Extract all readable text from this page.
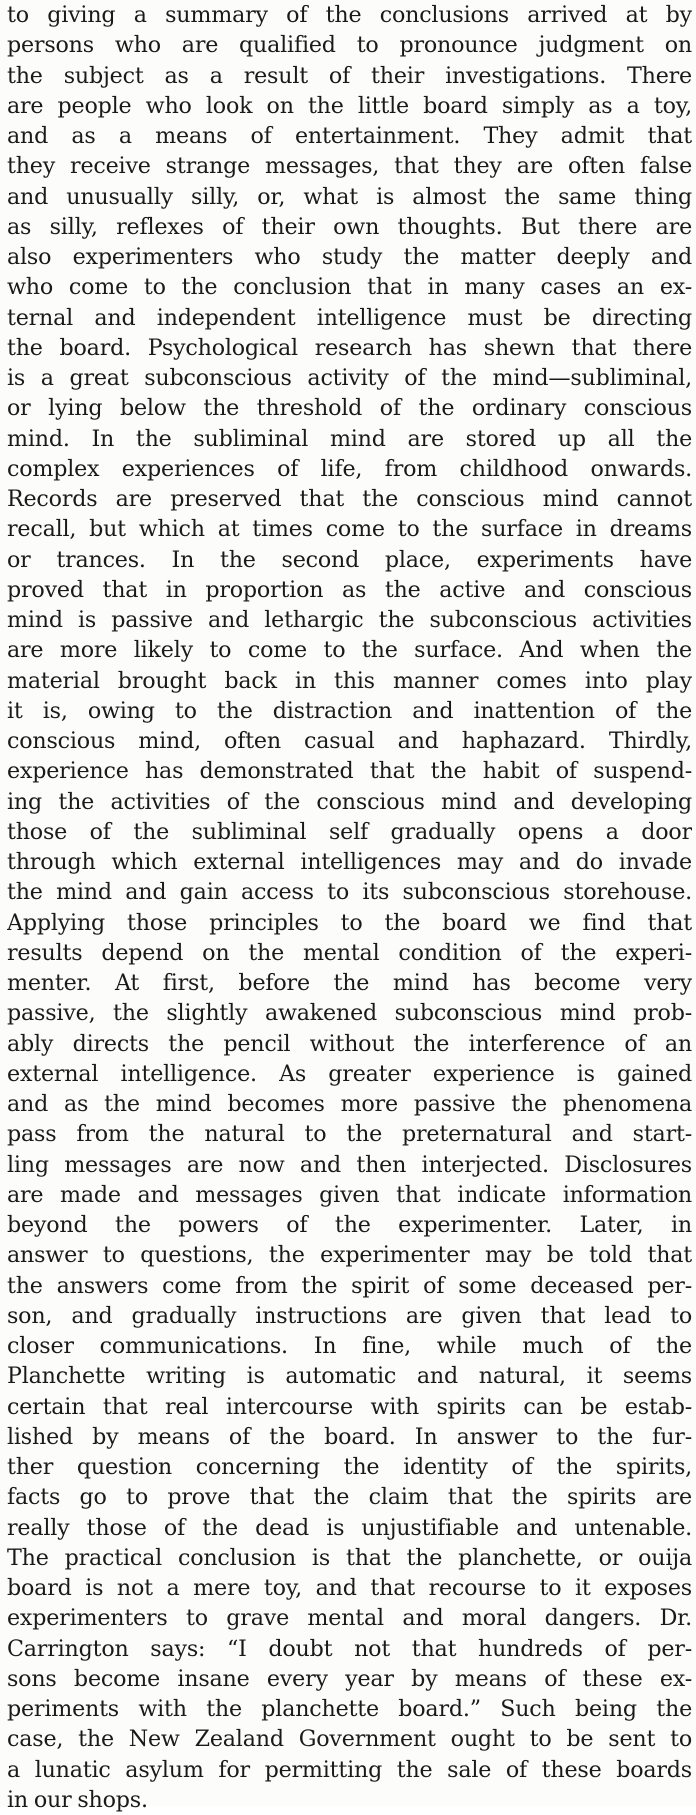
to giving a summary of the conclusions arrived at by
persons who are qualified to pronounce judgment on
the subject as a result of their investigations. There
are people who look on the little board simply as a toy,
and as a means of entertainment. They admit that
they receive strange messages, that they are often false
and unusually silly, or, what is almost the same thing
as silly, reflexes of their own thoughts. But there are
also experimenters who study the matter deeply and
who come to the conclusion that in many cases an ex-
ternal and independent intelligence must be directing
the board. Psychological research has shewn that there
is a great subconscious activity of the mind—subliminal,
or lying below the threshold of the ordinary conscious
mind. In the subliminal mind are stored up all the
complex experiences of life, from childhood onwards.
Records are preserved that the conscious mind cannot
recall, but which at times come to the surface in dreams
or trances. In the second place, experiments have
proved that in proportion as the active and conscious
mind is passive and lethargic the subconscious activities
are more likely to come to the surface. And when the
material brought back in this manner comes into play
it is, owing to the distraction and inattention of the
conscious mind, often casual and haphazard. Thirdly,
experience has demonstrated that the habit of suspend-
ing the activities of the conscious mind and developing
those of the subliminal self gradually opens a door
through which external intelligences may and do invade
the mind and gain access to its subconscious storehouse.
Applying those principles to the board we find that
results depend on the mental condition of the experi-
menter. At first, before the mind has become very
passive, the slightly awakened subconscious mind prob-
ably directs the pencil without the interference of an
external intelligence. As greater experience is gained
and as the mind becomes more passive the phenomena
pass from the natural to the preternatural and start-
ling messages are now and then interjected. Disclosures
are made and messages given that indicate information
beyond the powers of the experimenter. Later, in
answer to questions, the experimenter may be told that
the answers come from the spirit of some deceased per-
son, and gradually instructions are given that lead to
closer communications. In fine, while much of the
Planchette writing is automatic and natural, it seems
certain that real intercourse with spirits can be estab-
lished by means of the board. In answer to the fur-
ther question concerning the identity of the spirits,
facts go to prove that the claim that the spirits are
really those of the dead is unjustifiable and untenable.
The practical conclusion is that the planchette, or ouija
board is not a mere toy, and that recourse to it exposes
experimenters to grave mental and moral dangers. Dr.
Carrington says: “I doubt not that hundreds of per-
sons become insane every year by means of these ex-
periments with the planchette board.” Such being the
case, the New Zealand Government ought to be sent to
a lunatic asylum for permitting the sale of these boards
in our shops.
